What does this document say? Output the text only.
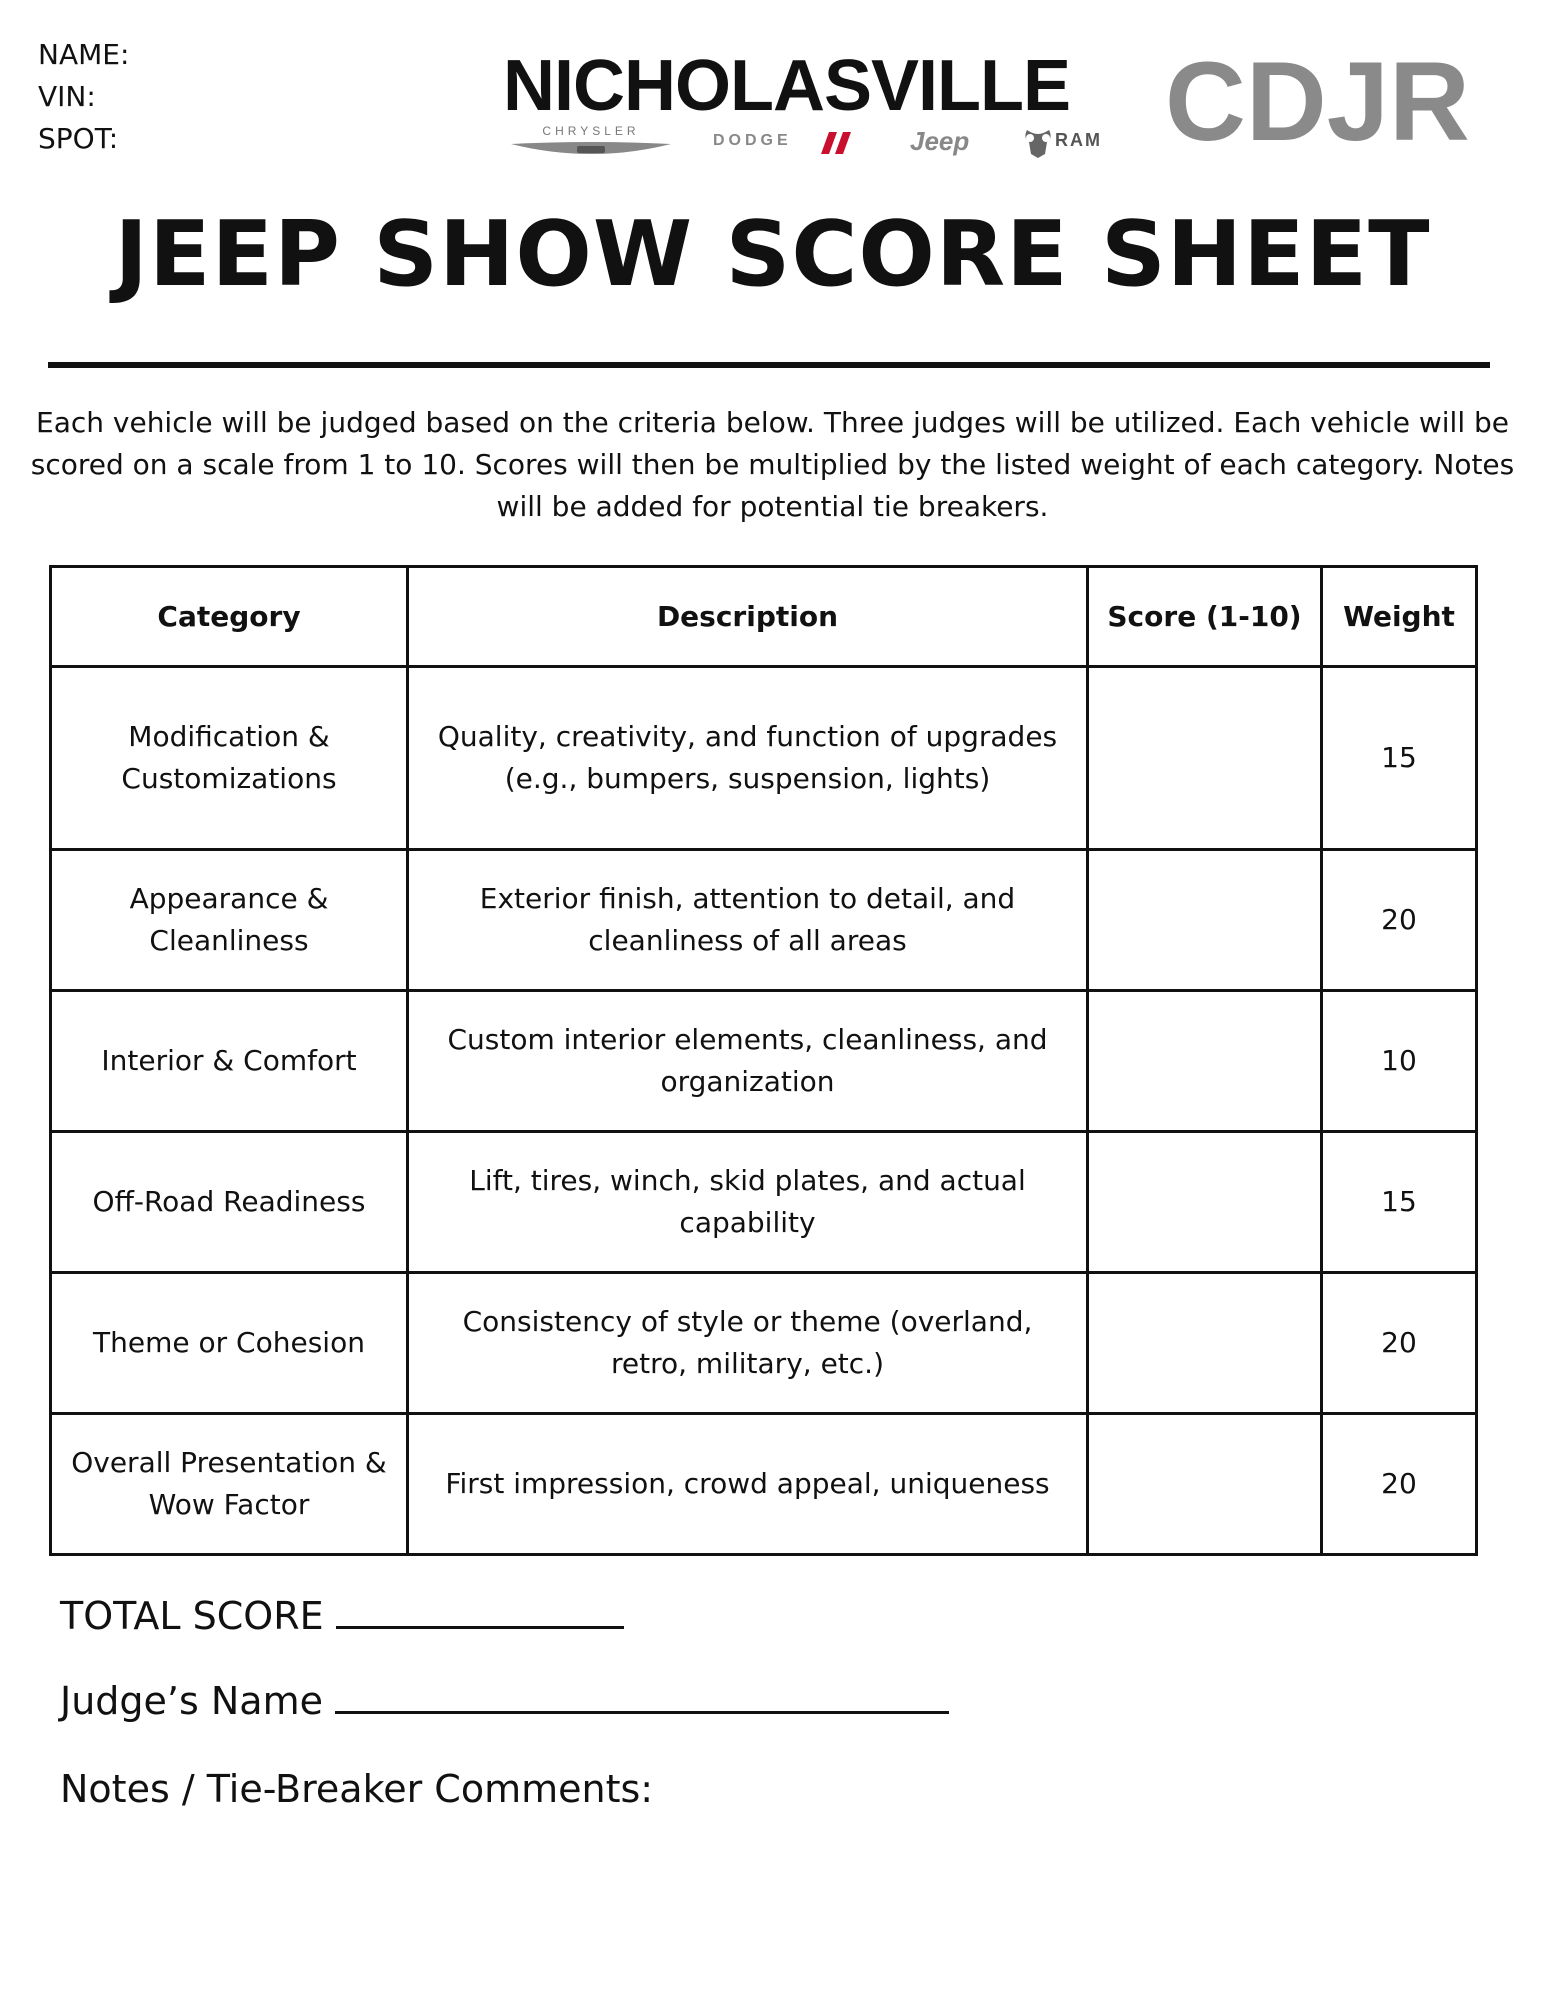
NAME:
VIN:
SPOT:
NICHOLASVILLE CDJR
CHRYSLER
DODGE	Jeep	RAM
JEEP SHOW SCORE SHEET

Each vehicle will be judged based on the criteria below. Three judges will be utilized. Each vehicle will be scored on a scale from 1 to 10. Scores will then be multiplied by the listed weight of each category. Notes will be added for potential tie breakers.

Category	Description	Score (1-10)	Weight
Modification & Customizations	Quality, creativity, and function of upgrades (e.g., bumpers, suspension, lights)		15
Appearance & Cleanliness	Exterior finish, attention to detail, and cleanliness of all areas		20
Interior & Comfort	Custom interior elements, cleanliness, and organization		10
Off-Road Readiness	Lift, tires, winch, skid plates, and actual capability		15
Theme or Cohesion	Consistency of style or theme (overland, retro, military, etc.)		20
Overall Presentation & Wow Factor	First impression, crowd appeal, uniqueness		20
TOTAL SCORE
Judge’s Name
Notes / Tie-Breaker Comments:
